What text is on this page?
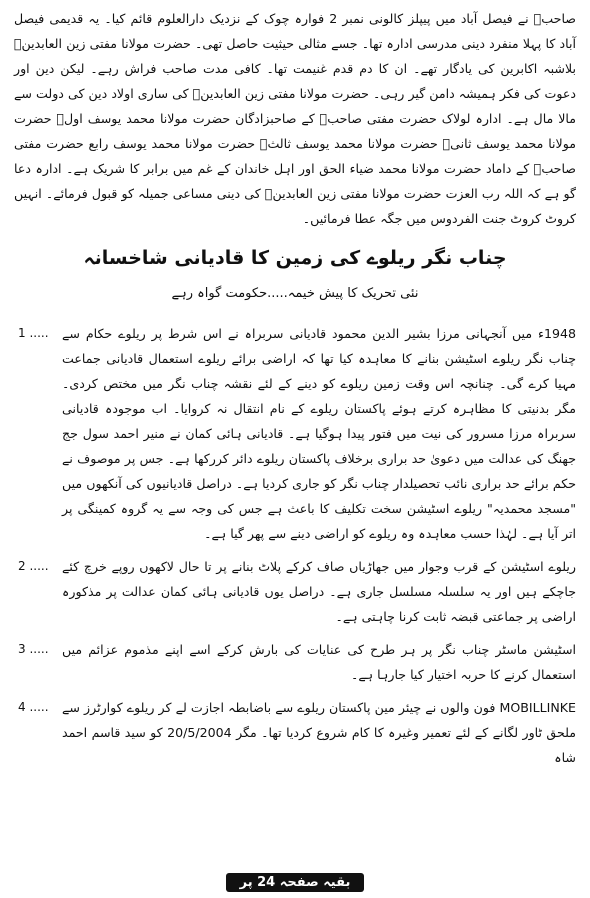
صاحبؒ نے فیصل آباد میں پیپلز کالونی نمبر 2 فوارہ چوک کے نزدیک دارالعلوم قائم کیا۔ یہ قدیمی فیصل آباد کا پہلا منفرد دینی مدرسی ادارہ تھا۔ جسے مثالی حیثیت حاصل تھی۔ حضرت مولانا مفتی زین العابدینؒ بلاشبہ اکابرین کی یادگار تھے۔ ان کا دم قدم غنیمت تھا۔ کافی مدت صاحب فراش رہے۔ لیکن دین اور دعوت کی فکر ہمیشہ دامن گیر رہی۔ حضرت مولانا مفتی زین العابدینؒ کی ساری اولاد دین کی دولت سے مالا مال ہے۔ ادارہ لولاک حضرت مفتی صاحبؒ کے صاحبزادگان حضرت مولانا محمد یوسف اولؒ حضرت مولانا محمد یوسف ثانیؒ حضرت مولانا محمد یوسف ثالثؒ حضرت مولانا محمد یوسف رابع حضرت مفتی صاحبؒ کے داماد حضرت مولانا محمد ضیاء الحق اور اہل خاندان کے غم میں برابر کا شریک ہے۔ ادارہ دعا گو ہے کہ اللہ رب العزت حضرت مولانا مفتی زین العابدینؒ کی دینی مساعی جمیلہ کو قبول فرمائے۔ انہیں کروٹ کروٹ جنت الفردوس میں جگہ عطا فرمائیں۔

چناب نگر ریلوے کی زمین کا قادیانی شاخسانہ
نئی تحریک کا پیش خیمہ.....حکومت گواہ رہے
1948ء میں آنجہانی مرزا بشیر الدین محمود قادیانی سربراہ نے اس شرط پر ریلوے حکام سے چناب نگر ریلوے اسٹیشن بنانے کا معاہدہ کیا تھا کہ اراضی برائے ریلوے استعمال قادیانی جماعت مہیا کرے گی۔ چنانچہ اس وقت زمین ریلوے کو دینے کے لئے نقشہ چناب نگر میں مختص کردی۔ مگر بدنیتی کا مظاہرہ کرتے ہوئے پاکستان ریلوے کے نام انتقال نہ کروایا۔ اب موجودہ قادیانی سربراہ مرزا مسرور کی نیت میں فتور پیدا ہوگیا ہے۔ قادیانی ہائی کمان نے منیر احمد سول جج جھنگ کی عدالت میں دعویٰ حد براری برخلاف پاکستان ریلوے دائر کررکھا ہے۔ جس پر موصوف نے حکم برائے حد براری نائب تحصیلدار چناب نگر کو جاری کردیا ہے۔ دراصل قادیانیوں کی آنکھوں میں "مسجد محمدیہ" ریلوے اسٹیشن سخت تکلیف کا باعث ہے جس کی وجہ سے یہ گروہ کمینگی پر اتر آیا ہے۔ لہٰذا حسب معاہدہ وہ ریلوے کو اراضی دینے سے پھر گیا ہے۔
1 .....
ریلوے اسٹیشن کے قرب وجوار میں جھاڑیاں صاف کرکے پلاٹ بنانے پر تا حال لاکھوں روپے خرچ کئے جاچکے ہیں اور یہ سلسلہ مسلسل جاری ہے۔ دراصل یوں قادیانی ہائی کمان عدالت پر مذکورہ اراضی پر جماعتی قبضہ ثابت کرنا چاہتی ہے۔
2 .....
اسٹیشن ماسٹر چناب نگر پر ہر طرح کی عنایات کی بارش کرکے اسے اپنے مذموم عزائم میں استعمال کرنے کا حربہ اختیار کیا جارہا ہے۔
3 .....
MOBILLINKE فون والوں نے چیئر مین پاکستان ریلوے سے باضابطہ اجازت لے کر ریلوے کوارٹرز سے ملحق ٹاور لگانے کے لئے تعمیر وغیرہ کا کام شروع کردیا تھا۔ مگر 20/5/2004 کو سید قاسم احمد شاہ
4 .....
بقیہ صفحہ 24 پر
